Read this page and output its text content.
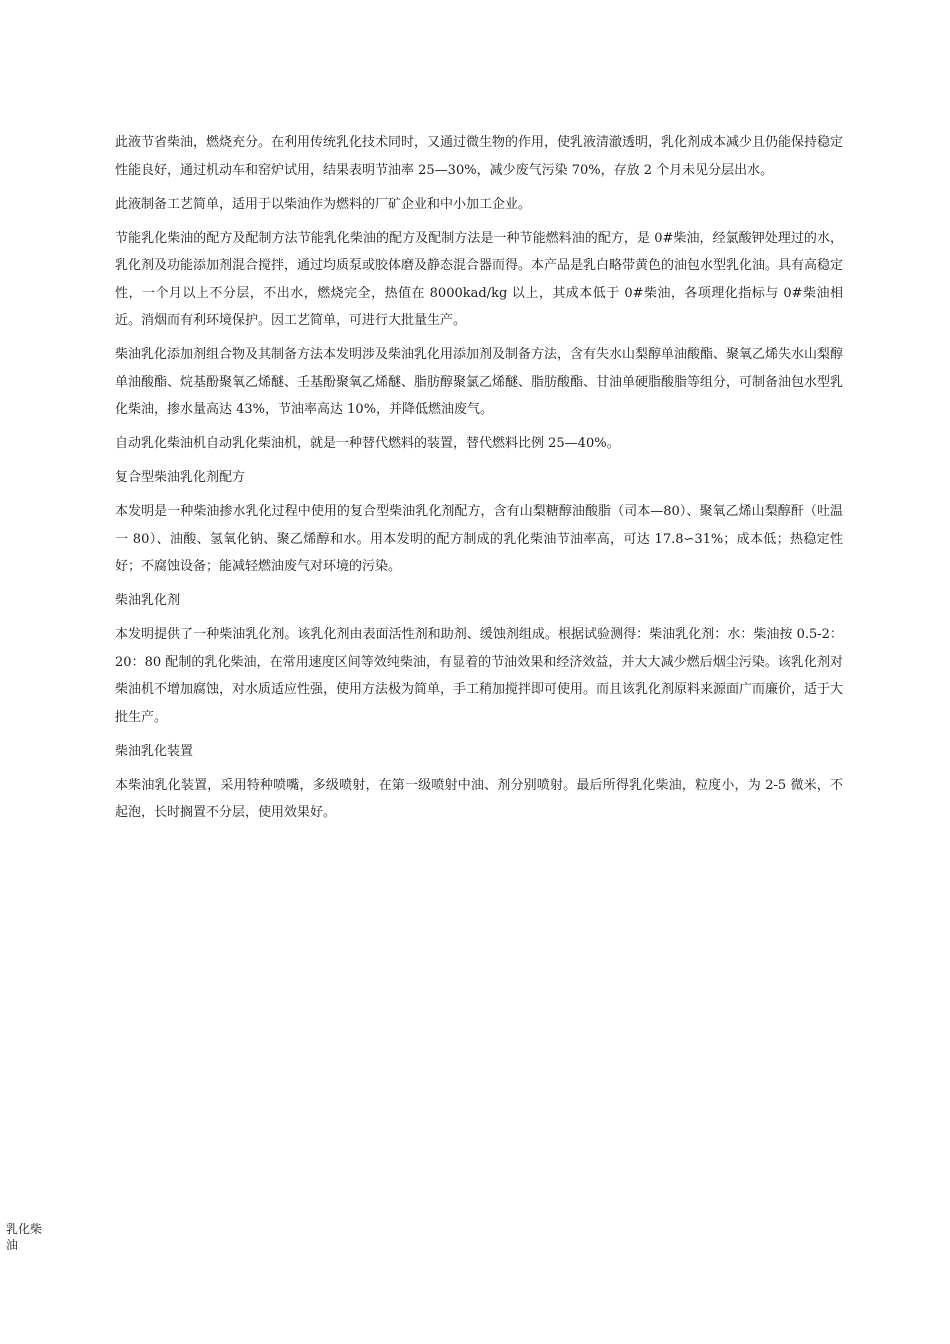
此液节省柴油，燃烧充分。在利用传统乳化技术同时，又通过微生物的作用，使乳液清澈透明，乳化剂成本减少且仍能保持稳定性能良好，通过机动车和窑炉试用，结果表明节油率 25—30%，减少废气污染 70%，存放 2 个月未见分层出水。

此液制备工艺简单，适用于以柴油作为燃料的厂矿企业和中小加工企业。

节能乳化柴油的配方及配制方法节能乳化柴油的配方及配制方法是一种节能燃料油的配方，是 0#柴油，经氯酸钾处理过的水，乳化剂及功能添加剂混合搅拌，通过均质泵或胶体磨及静态混合器而得。本产品是乳白略带黄色的油包水型乳化油。具有高稳定性，一个月以上不分层，不出水，燃烧完全，热值在 8000kad/kg 以上，其成本低于 0#柴油，各项理化指标与 0#柴油相近。消烟而有利环境保护。因工艺简单，可进行大批量生产。

柴油乳化添加剂组合物及其制备方法本发明涉及柴油乳化用添加剂及制备方法，含有失水山梨醇单油酸酯、聚氧乙烯失水山梨醇单油酸酯、烷基酚聚氧乙烯醚、壬基酚聚氧乙烯醚、脂肪醇聚氯乙烯醚、脂肪酸酯、甘油单硬脂酸脂等组分，可制备油包水型乳化柴油，掺水量高达 43%，节油率高达 10%，并降低燃油废气。

自动乳化柴油机自动乳化柴油机，就是一种替代燃料的装置，替代燃料比例 25—40%。

复合型柴油乳化剂配方

本发明是一种柴油掺水乳化过程中使用的复合型柴油乳化剂配方，含有山梨糖醇油酸脂（司本—80）、聚氧乙烯山梨醇酐（吐温一 80）、油酸、氢氧化钠、聚乙烯醇和水。用本发明的配方制成的乳化柴油节油率高，可达 17.8∽31%；成本低；热稳定性好；不腐蚀设备；能减轻燃油废气对环境的污染。

柴油乳化剂

本发明提供了一种柴油乳化剂。该乳化剂由表面活性剂和助剂、缓蚀剂组成。根据试验测得：柴油乳化剂：水：柴油按 0.5-2：20：80 配制的乳化柴油，在常用速度区间等效纯柴油，有显着的节油效果和经济效益，并大大减少燃后烟尘污染。该乳化剂对柴油机不增加腐蚀，对水质适应性强，使用方法极为简单，手工稍加搅拌即可使用。而且该乳化剂原料来源面广而廉价，适于大批生产。

柴油乳化装置

本柴油乳化装置，采用特种喷嘴，多级喷射，在第一级喷射中油、剂分别喷射。最后所得乳化柴油，粒度小，为 2-5 微米，不起泡，长时搁置不分层，使用效果好。

乳化柴油
